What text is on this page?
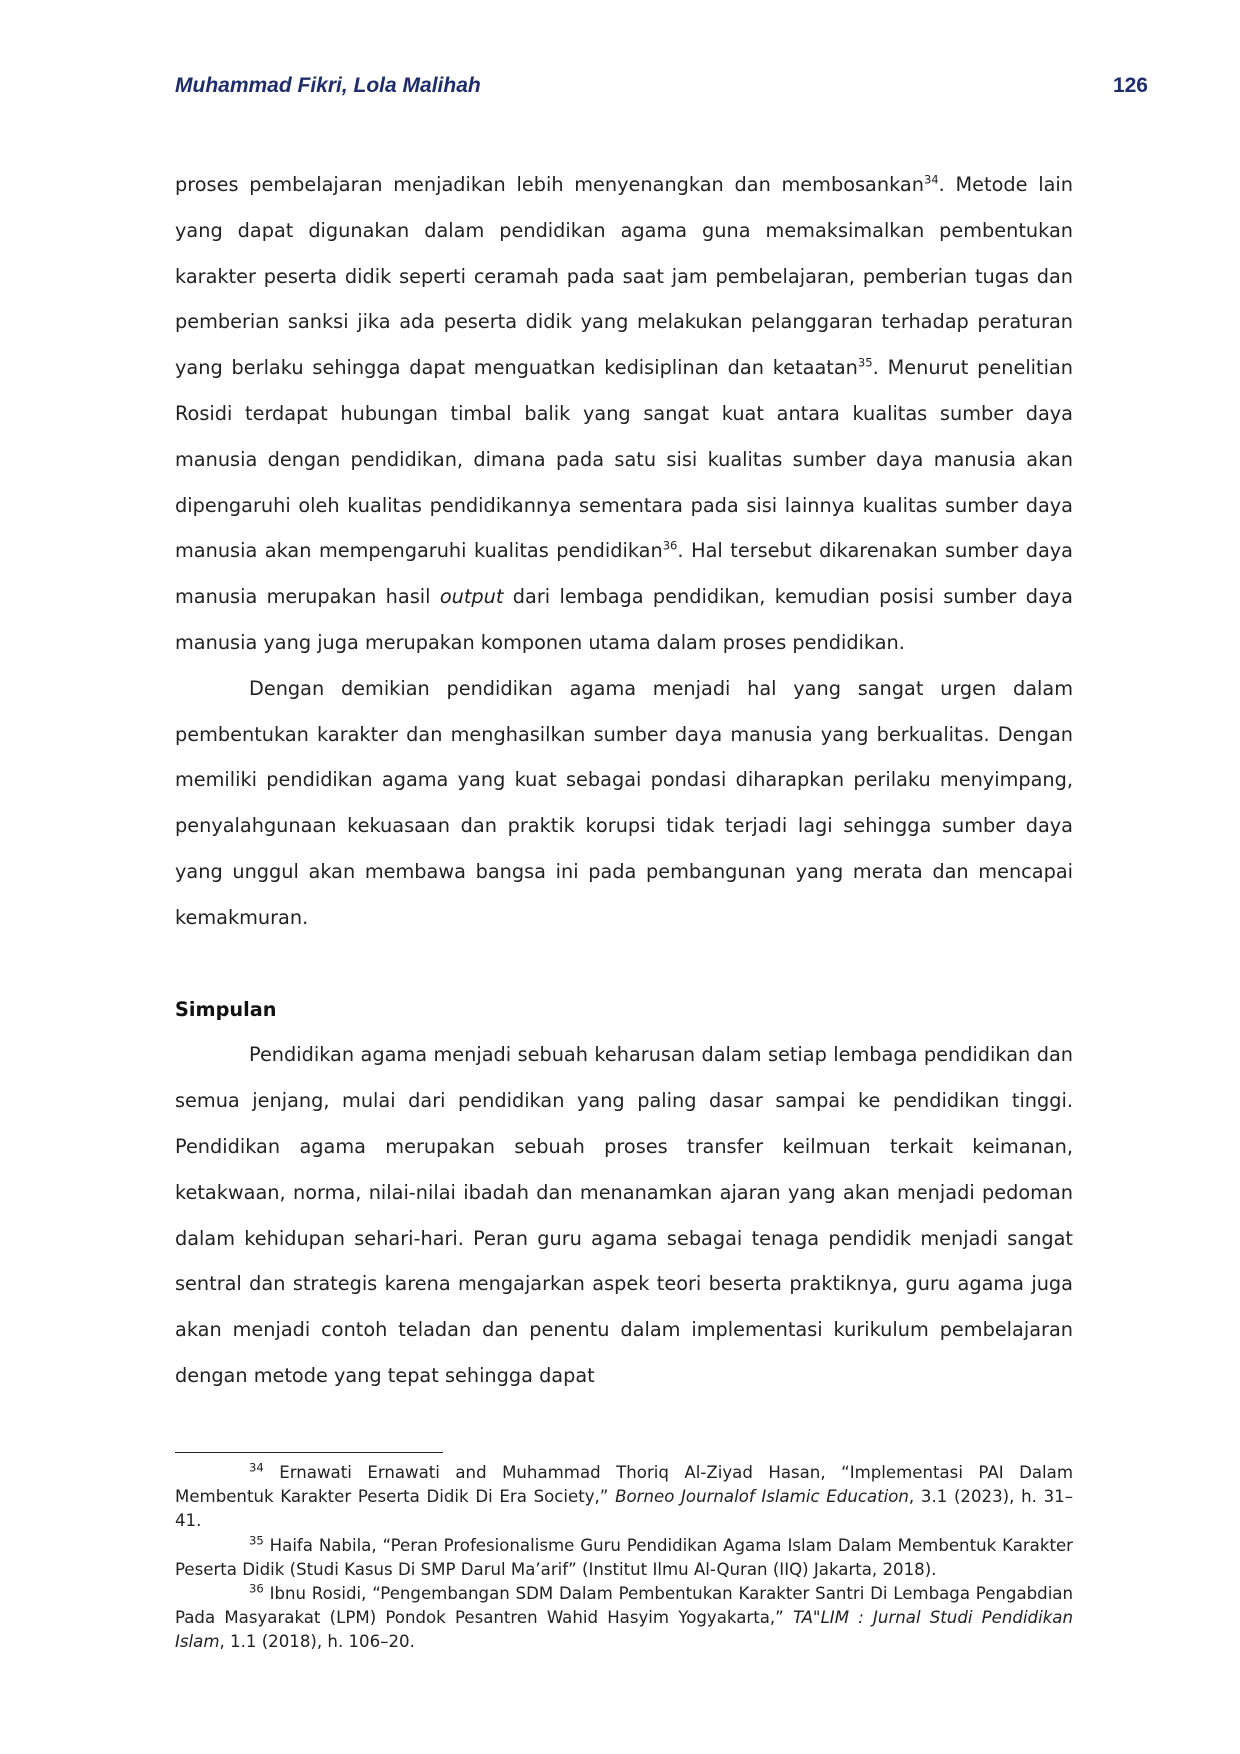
Muhammad Fikri, Lola Malihah	126

proses pembelajaran menjadikan lebih menyenangkan dan membosankan$^{34}$. Metode lain yang dapat digunakan dalam pendidikan agama guna memaksimalkan pembentukan karakter peserta didik seperti ceramah pada saat jam pembelajaran, pemberian tugas dan pemberian sanksi jika ada peserta didik yang melakukan pelanggaran terhadap peraturan yang berlaku sehingga dapat menguatkan kedisiplinan dan ketaatan$^{35}$. Menurut penelitian Rosidi terdapat hubungan timbal balik yang sangat kuat antara kualitas sumber daya manusia dengan pendidikan, dimana pada satu sisi kualitas sumber daya manusia akan dipengaruhi oleh kualitas pendidikannya sementara pada sisi lainnya kualitas sumber daya manusia akan mempengaruhi kualitas pendidikan$^{36}$. Hal tersebut dikarenakan sumber daya manusia merupakan hasil output dari lembaga pendidikan, kemudian posisi sumber daya manusia yang juga merupakan komponen utama dalam proses pendidikan.

Dengan demikian pendidikan agama menjadi hal yang sangat urgen dalam pembentukan karakter dan menghasilkan sumber daya manusia yang berkualitas. Dengan memiliki pendidikan agama yang kuat sebagai pondasi diharapkan perilaku menyimpang, penyalahgunaan kekuasaan dan praktik korupsi tidak terjadi lagi sehingga sumber daya yang unggul akan membawa bangsa ini pada pembangunan yang merata dan mencapai kemakmuran.

Simpulan

Pendidikan agama menjadi sebuah keharusan dalam setiap lembaga pendidikan dan semua jenjang, mulai dari pendidikan yang paling dasar sampai ke pendidikan tinggi. Pendidikan agama merupakan sebuah proses transfer keilmuan terkait keimanan, ketakwaan, norma, nilai-nilai ibadah dan menanamkan ajaran yang akan menjadi pedoman dalam kehidupan sehari-hari. Peran guru agama sebagai tenaga pendidik menjadi sangat sentral dan strategis karena mengajarkan aspek teori beserta praktiknya, guru agama juga akan menjadi contoh teladan dan penentu dalam implementasi kurikulum pembelajaran dengan metode yang tepat sehingga dapat

$^{34}$ Ernawati Ernawati and Muhammad Thoriq Al-Ziyad Hasan, “Implementasi PAI Dalam Membentuk Karakter Peserta Didik Di Era Society,” Borneo Journalof Islamic Education, 3.1 (2023), h. 31–41.

$^{35}$ Haifa Nabila, “Peran Profesionalisme Guru Pendidikan Agama Islam Dalam Membentuk Karakter Peserta Didik (Studi Kasus Di SMP Darul Ma’arif” (Institut Ilmu Al-Quran (IIQ) Jakarta, 2018).

$^{36}$ Ibnu Rosidi, “Pengembangan SDM Dalam Pembentukan Karakter Santri Di Lembaga Pengabdian Pada Masyarakat (LPM) Pondok Pesantren Wahid Hasyim Yogyakarta,” TA"LIM : Jurnal Studi Pendidikan Islam, 1.1 (2018), h. 106–20.
